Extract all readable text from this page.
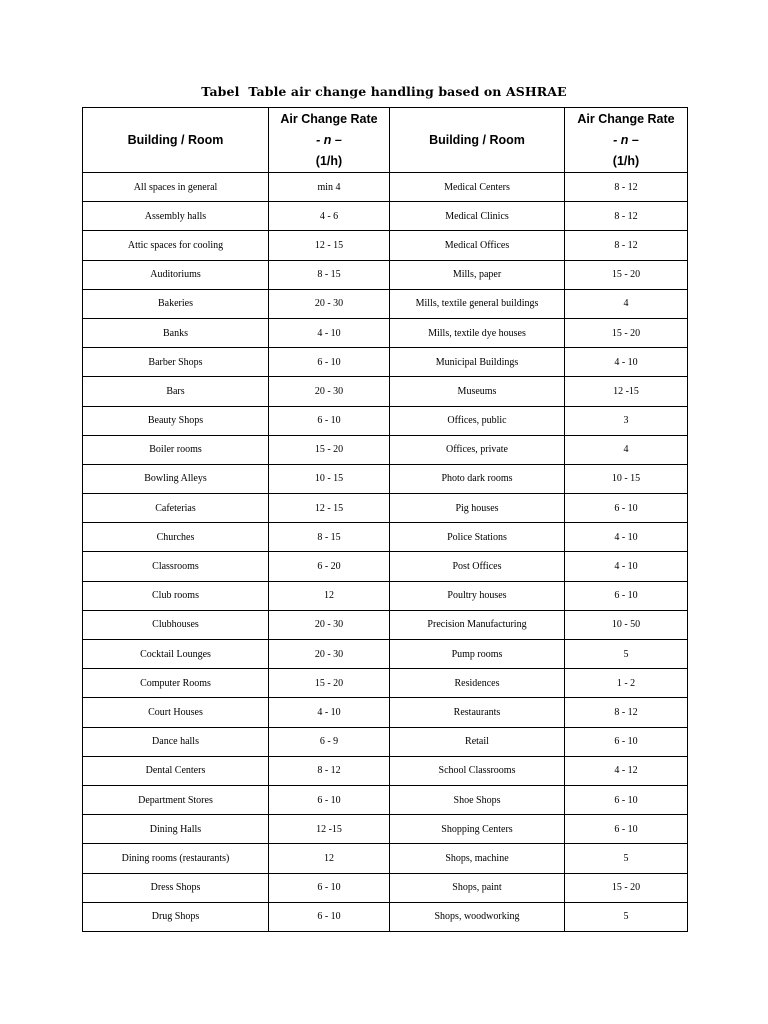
Tabel  Table air change handling based on ASHRAE
Building / Room	Air Change Rate
- n –
(1/h)	Building / Room	Air Change Rate
- n –
(1/h)

All spaces in general	min 4	Medical Centers	8 - 12
Assembly halls	4 - 6	Medical Clinics	8 - 12
Attic spaces for cooling	12 - 15	Medical Offices	8 - 12
Auditoriums	8 - 15	Mills, paper	15 - 20
Bakeries	20 - 30	Mills, textile general buildings	4
Banks	4 - 10	Mills, textile dye houses	15 - 20
Barber Shops	6 - 10	Municipal Buildings	4 - 10
Bars	20 - 30	Museums	12 -15
Beauty Shops	6 - 10	Offices, public	3
Boiler rooms	15 - 20	Offices, private	4
Bowling Alleys	10 - 15	Photo dark rooms	10 - 15
Cafeterias	12 - 15	Pig houses	6 - 10
Churches	8 - 15	Police Stations	4 - 10
Classrooms	6 - 20	Post Offices	4 - 10
Club rooms	12	Poultry houses	6 - 10
Clubhouses	20 - 30	Precision Manufacturing	10 - 50
Cocktail Lounges	20 - 30	Pump rooms	5
Computer Rooms	15 - 20	Residences	1 - 2
Court Houses	4 - 10	Restaurants	8 - 12
Dance halls	6 - 9	Retail	6 - 10
Dental Centers	8 - 12	School Classrooms	4 - 12
Department Stores	6 - 10	Shoe Shops	6 - 10
Dining Halls	12 -15	Shopping Centers	6 - 10
Dining rooms (restaurants)	12	Shops, machine	5
Dress Shops	6 - 10	Shops, paint	15 - 20
Drug Shops	6 - 10	Shops, woodworking	5
